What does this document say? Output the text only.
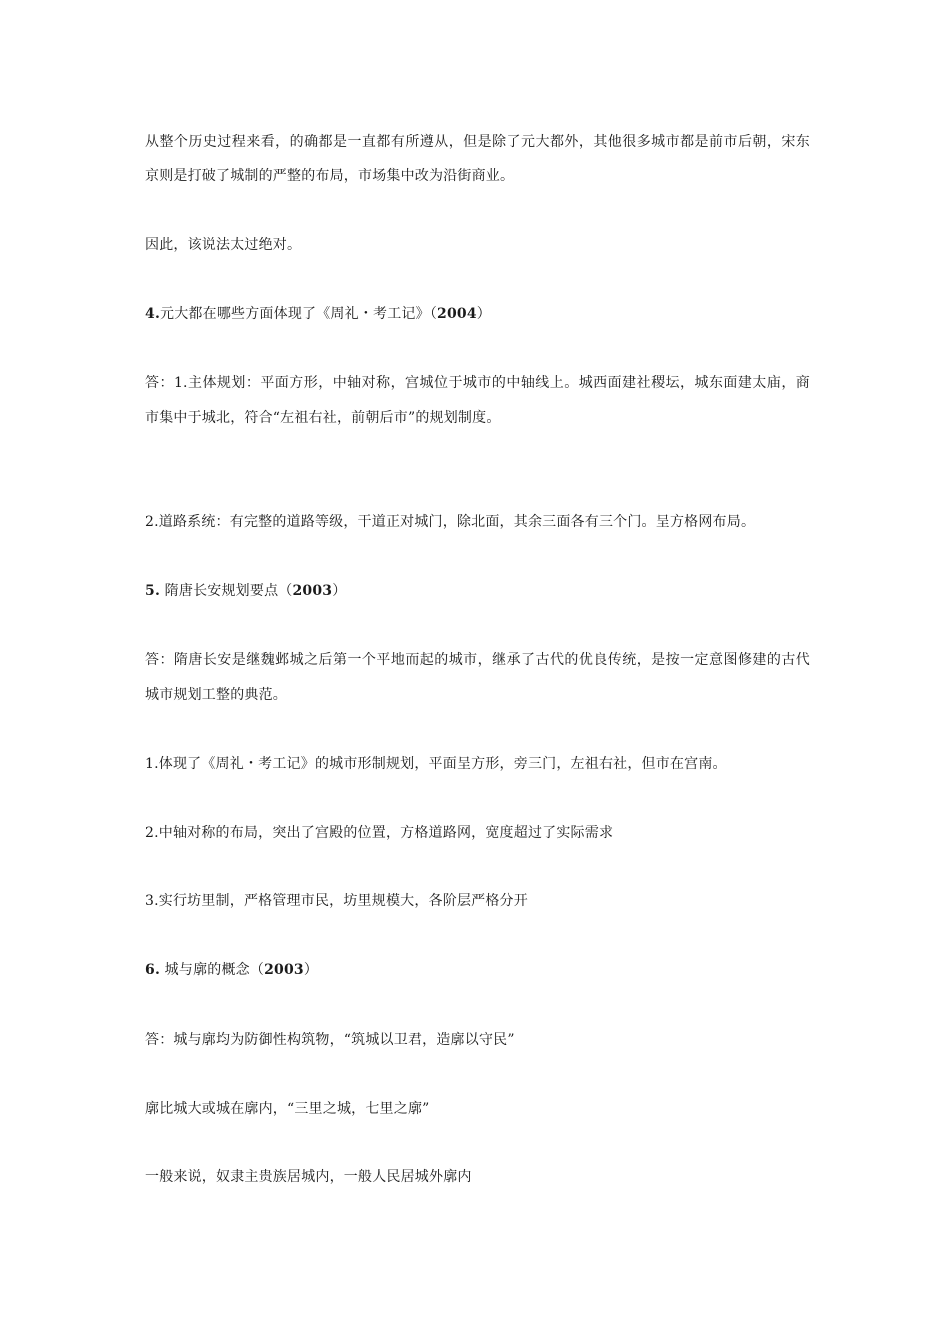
从整个历史过程来看，的确都是一直都有所遵从，但是除了元大都外，其他很多城市都是前市后朝，宋东
京则是打破了城制的严整的布局，市场集中改为沿街商业。
因此，该说法太过绝对。
4.元大都在哪些方面体现了《周礼・考工记》（2004）
答：1.主体规划：平面方形，中轴对称，宫城位于城市的中轴线上。城西面建社稷坛，城东面建太庙，商
市集中于城北，符合“左祖右社，前朝后市”的规划制度。
2.道路系统：有完整的道路等级，干道正对城门，除北面，其余三面各有三个门。呈方格网布局。
5. 隋唐长安规划要点（2003）
答：隋唐长安是继魏邺城之后第一个平地而起的城市，继承了古代的优良传统，是按一定意图修建的古代
城市规划工整的典范。
1.体现了《周礼・考工记》的城市形制规划，平面呈方形，旁三门，左祖右社，但市在宫南。
2.中轴对称的布局，突出了宫殿的位置，方格道路网，宽度超过了实际需求
3.实行坊里制，严格管理市民，坊里规模大，各阶层严格分开
6. 城与廓的概念（2003）
答：城与廓均为防御性构筑物，“筑城以卫君，造廓以守民”
廓比城大或城在廓内，“三里之城，七里之廓”
一般来说，奴隶主贵族居城内，一般人民居城外廓内
